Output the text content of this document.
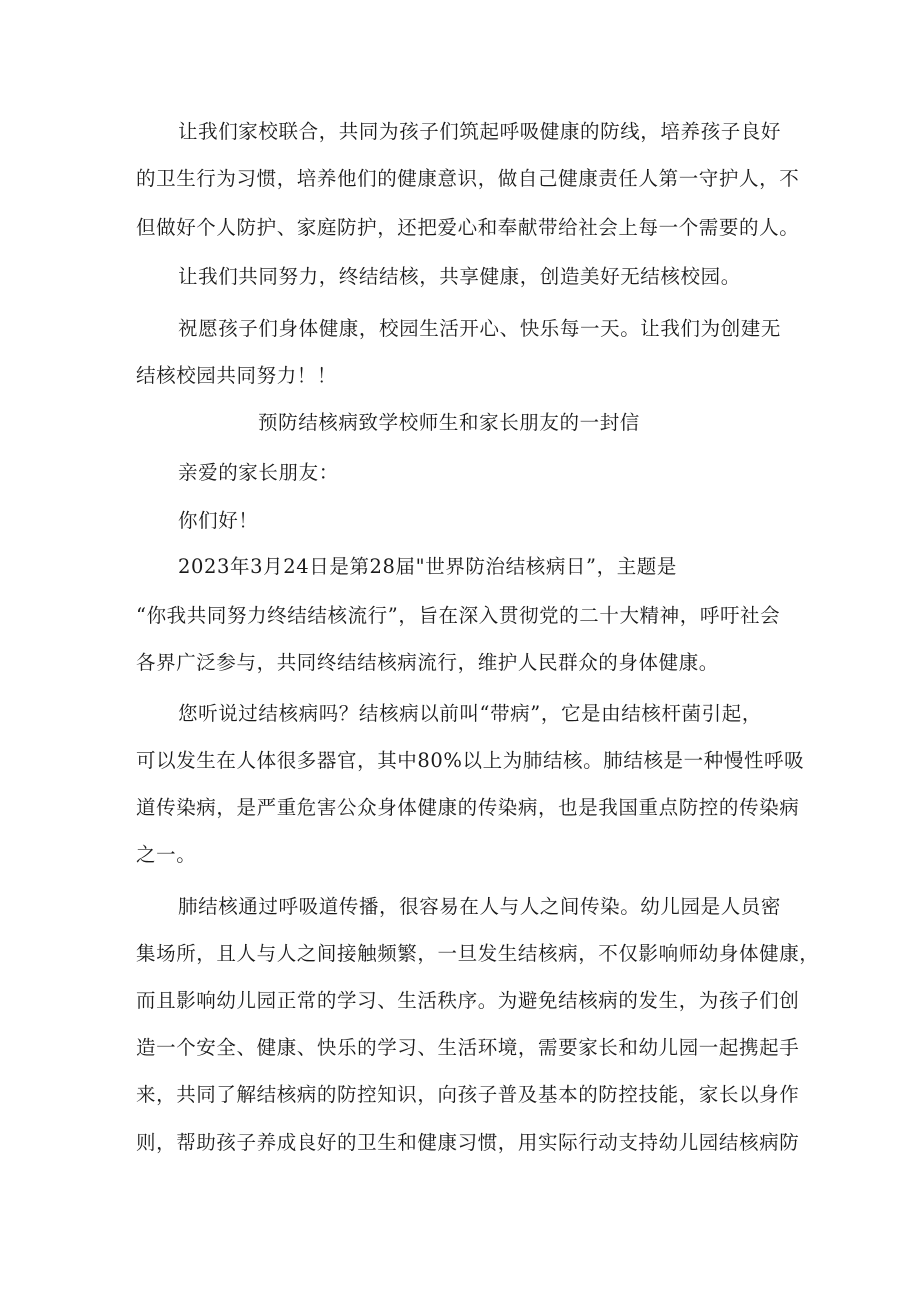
让我们家校联合，共同为孩子们筑起呼吸健康的防线，培养孩子良好
的卫生行为习惯，培养他们的健康意识，做自己健康责任人第一守护人，不
但做好个人防护、家庭防护，还把爱心和奉献带给社会上每一个需要的人。
让我们共同努力，终结结核，共享健康，创造美好无结核校园。
祝愿孩子们身体健康，校园生活开心、快乐每一天。让我们为创建无
结核校园共同努力！！
预防结核病致学校师生和家长朋友的一封信
亲爱的家长朋友：
你们好！
2023年3月24日是第28届"世界防治结核病日”，主题是
“你我共同努力终结结核流行”，旨在深入贯彻党的二十大精神，呼吁社会
各界广泛参与，共同终结结核病流行，维护人民群众的身体健康。
您听说过结核病吗？结核病以前叫“带病”，它是由结核杆菌引起，
可以发生在人体很多器官，其中80%以上为肺结核。肺结核是一种慢性呼吸
道传染病，是严重危害公众身体健康的传染病，也是我国重点防控的传染病
之一。
肺结核通过呼吸道传播，很容易在人与人之间传染。幼儿园是人员密
集场所，且人与人之间接触频繁，一旦发生结核病，不仅影响师幼身体健康，
而且影响幼儿园正常的学习、生活秩序。为避免结核病的发生，为孩子们创
造一个安全、健康、快乐的学习、生活环境，需要家长和幼儿园一起携起手
来，共同了解结核病的防控知识，向孩子普及基本的防控技能，家长以身作
则，帮助孩子养成良好的卫生和健康习惯，用实际行动支持幼儿园结核病防
